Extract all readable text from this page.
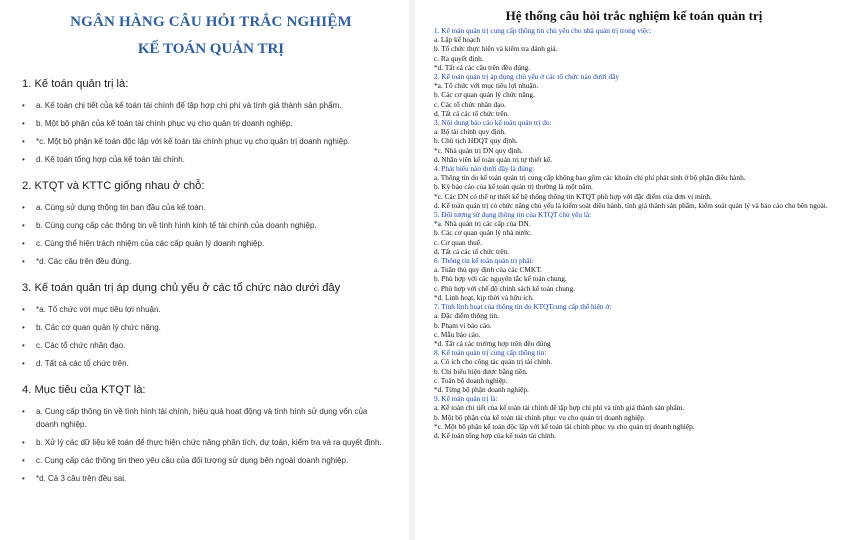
NGÂN HÀNG CÂU HỎI TRẮC NGHIỆM
KẾ TOÁN QUẢN TRỊ

1. Kế toán quản trị là:

• a. Kế toán chi tiết của kế toán tài chính để tập hợp chi phí và tính giá thành sản phẩm.

• b. Một bộ phận của kế toán tài chính phục vụ cho quản trị doanh nghiệp.

• *c. Một bộ phận kế toán độc lập với kế toán tài chính phục vụ cho quản trị doanh nghiệp.

• d. Kế toán tổng hợp của kế toán tài chính.

2. KTQT và KTTC giống nhau ở chỗ:

• a. Cùng sử dụng thông tin ban đầu của kế toán.

• b. Cùng cung cấp các thông tin về tình hình kinh tế tài chính của doanh nghiệp.

• c. Cùng thể hiện trách nhiệm của các cấp quản lý doanh nghiệp.

• *d. Các câu trên đều đúng.

3. Kế toán quản trị áp dụng chủ yếu ở các tổ chức nào dưới đây

• *a. Tổ chức với mục tiêu lợi nhuận.

• b. Các cơ quan quản lý chức năng.

• c. Các tổ chức nhân đạo.

• d. Tất cả các tổ chức trên.

4. Mục tiêu của KTQT là:

• a. Cung cấp thông tin về tình hình tài chính, hiệu quả hoạt động và tình hình sử dụng vốn của doanh nghiệp.

• b. Xử lý các dữ liệu kế toán để thực hiện chức năng phân tích, dự toán, kiểm tra và ra quyết định.

• c. Cung cấp các thông tin theo yêu cầu của đối tượng sử dụng bên ngoài doanh nghiệp.

• *d. Cả 3 câu trên đều sai.

Hệ thống câu hỏi trắc nghiệm kế toán quản trị

1. Kế toán quản trị cung cấp thông tin chủ yếu cho nhà quản trị trong việc:

a. Lập kế hoạch

b. Tổ chức thực hiện và kiểm tra đánh giá.

c. Ra quyết định.

*d. Tất cả các câu trên đều đúng.

2. Kế toán quản trị áp dụng chủ yếu ở các tổ chức nào dưới đây

*a. Tổ chức với mục tiêu lợi nhuận.

b. Các cơ quan quản lý chức năng.

c. Các tổ chức nhân đạo.

d. Tất cả các tổ chức trên.

3. Nội dung báo cáo kế toán quản trị do:

a. Bộ tài chính quy định.

b. Chủ tịch HĐQT quy định.

*c. Nhà quản trị DN quy định.

d. Nhân viên kế toán quản trị tự thiết kế.

4. Phát biểu nào dưới đây là đúng:

a. Thông tin do kế toán quản trị cung cấp không bao gồm các khoản chi phí phát sinh ở bộ phận điều hành.

b. Kỳ báo cáo của kế toán quản trị thường là một năm.

*c. Các DN có thể tự thiết kế hệ thống thông tin KTQT phù hợp với đặc điểm của đơn vị mình.

d. Kế toán quản trị có chức năng chủ yếu là kiểm soát điều hành, tính giá thành sản phẩm, kiểm soát quản lý và báo cáo cho bên ngoài.

5. Đối tượng sử dụng thông tin của KTQT chủ yếu là:

*a. Nhà quản trị các cấp của DN.

b. Các cơ quan quản lý nhà nước.

c. Cơ quan thuế.

d. Tất cả các tổ chức trên.

6. Thông tin kế toán quản trị phải:

a. Tuân thủ quy định của các CMKT.

b. Phù hợp với các nguyên tắc kế toán chung.

c. Phù hợp với chế độ chính sách kế toán chung.

*d. Linh hoạt, kịp thời và hữu ích.

7. Tính linh hoạt của thông tin do KTQTcung cấp thể hiện ở:

a. Đặc điểm thông tin.

b. Phạm vi báo cáo.

c. Mẫu báo cáo.

*d. Tất cả các trường hợp trên đều đúng

8. Kế toán quản trị cung cấp thông tin:

a. Có ích cho công tác quản trị tài chính.

b. Chi biểu hiện được bằng tiền.

c. Toàn bộ doanh nghiệp.

*d. Từng bộ phận doanh nghiệp.

9. Kế toán quản trị là:

a. Kế toán chi tiết của kế toán tài chính để tập hợp chi phí và tính giá thành sản phẩm.

b. Một bộ phận của kế toán tài chính phục vụ cho quản trị doanh nghiệp.

*c. Một bộ phận kế toán độc lập với kế toán tài chính phục vụ cho quản trị doanh nghiệp.

d. Kế toán tổng hợp của kế toán tài chính.
